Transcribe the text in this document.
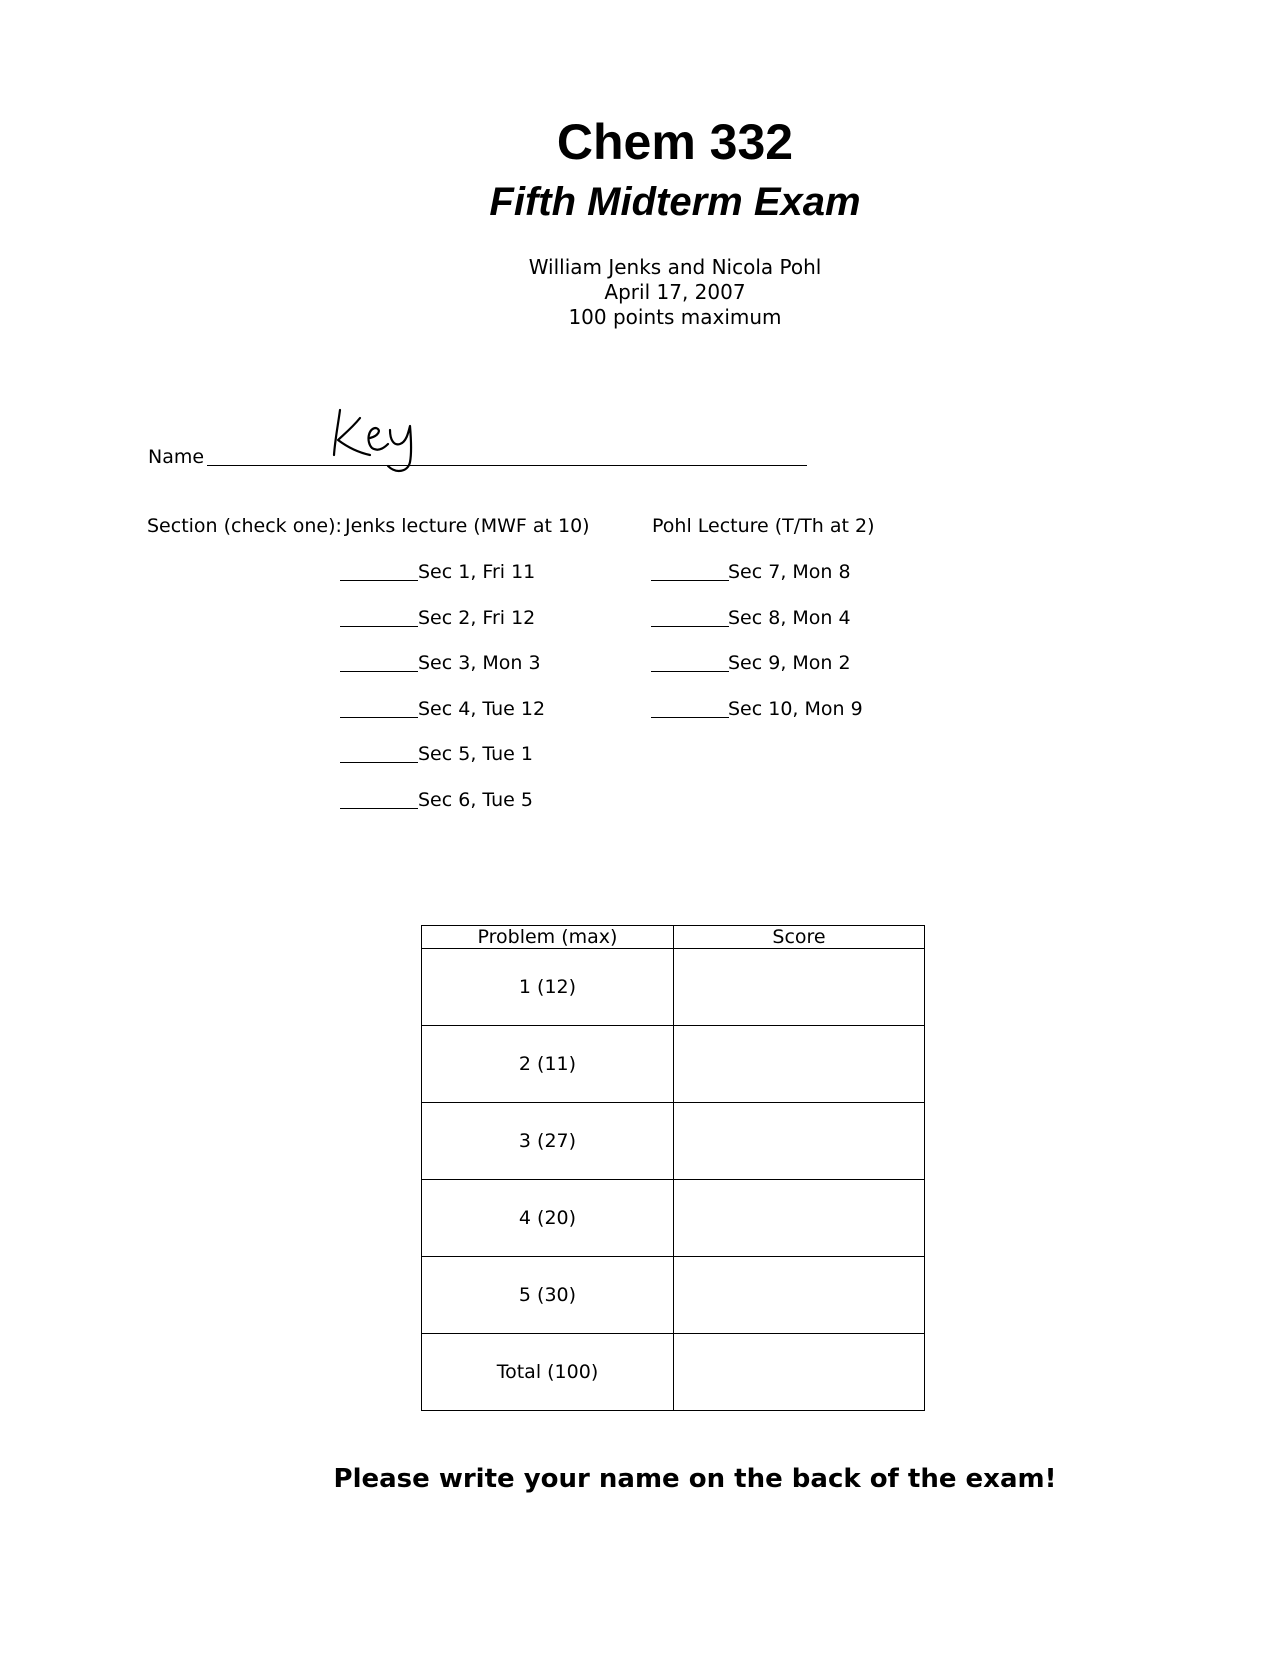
Chem 332
Fifth Midterm Exam
William Jenks and Nicola Pohl
April 17, 2007
100 points maximum
Name
Section (check one): Jenks lecture (MWF at 10)	Pohl Lecture (T/Th at 2)
Sec 1, Fri 11
Sec 2, Fri 12
Sec 3, Mon 3
Sec 4, Tue 12
Sec 5, Tue 1
Sec 6, Tue 5
Sec 7, Mon 8
Sec 8, Mon 4
Sec 9, Mon 2
Sec 10, Mon 9
Problem (max)	Score
1 (12)	
2 (11)	
3 (27)	
4 (20)	
5 (30)	
Total (100)	
Please write your name on the back of the exam!
